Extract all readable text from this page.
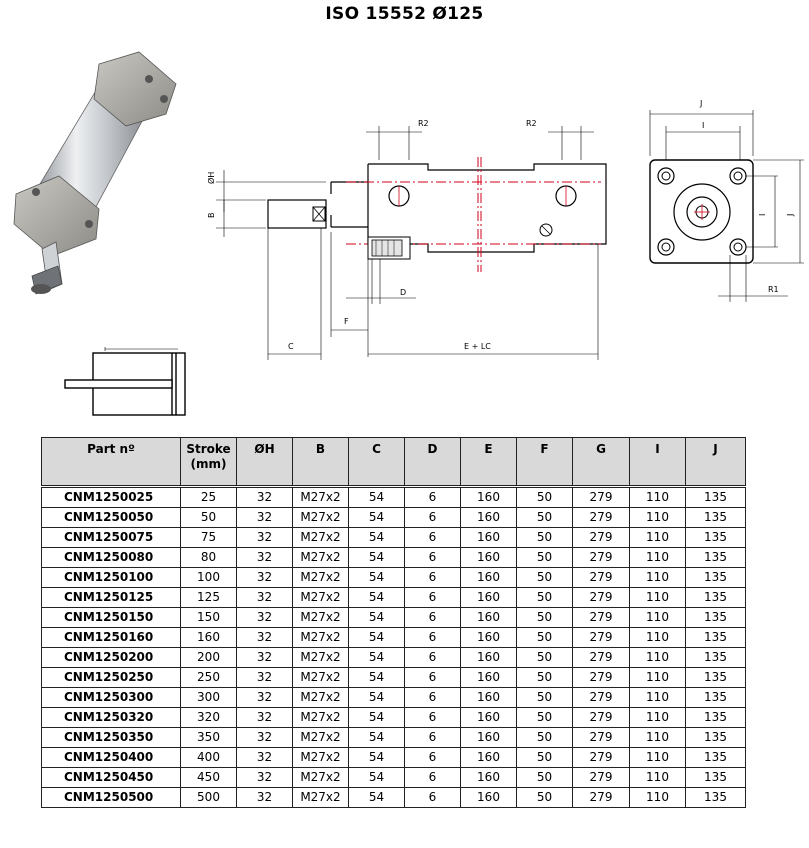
ISO 15552 Ø125
R2	R2
ØH
B
D
F
C	E + LC
J
I
I J
R1
Part nº	Stroke (mm)	ØH	B	C	D	E	F	G	I	J

CNM1250025	25	32	M27x2	54	6	160	50	279	110	135
CNM1250050	50	32	M27x2	54	6	160	50	279	110	135
CNM1250075	75	32	M27x2	54	6	160	50	279	110	135
CNM1250080	80	32	M27x2	54	6	160	50	279	110	135
CNM1250100	100	32	M27x2	54	6	160	50	279	110	135
CNM1250125	125	32	M27x2	54	6	160	50	279	110	135
CNM1250150	150	32	M27x2	54	6	160	50	279	110	135
CNM1250160	160	32	M27x2	54	6	160	50	279	110	135
CNM1250200	200	32	M27x2	54	6	160	50	279	110	135
CNM1250250	250	32	M27x2	54	6	160	50	279	110	135
CNM1250300	300	32	M27x2	54	6	160	50	279	110	135
CNM1250320	320	32	M27x2	54	6	160	50	279	110	135
CNM1250350	350	32	M27x2	54	6	160	50	279	110	135
CNM1250400	400	32	M27x2	54	6	160	50	279	110	135
CNM1250450	450	32	M27x2	54	6	160	50	279	110	135
CNM1250500	500	32	M27x2	54	6	160	50	279	110	135
